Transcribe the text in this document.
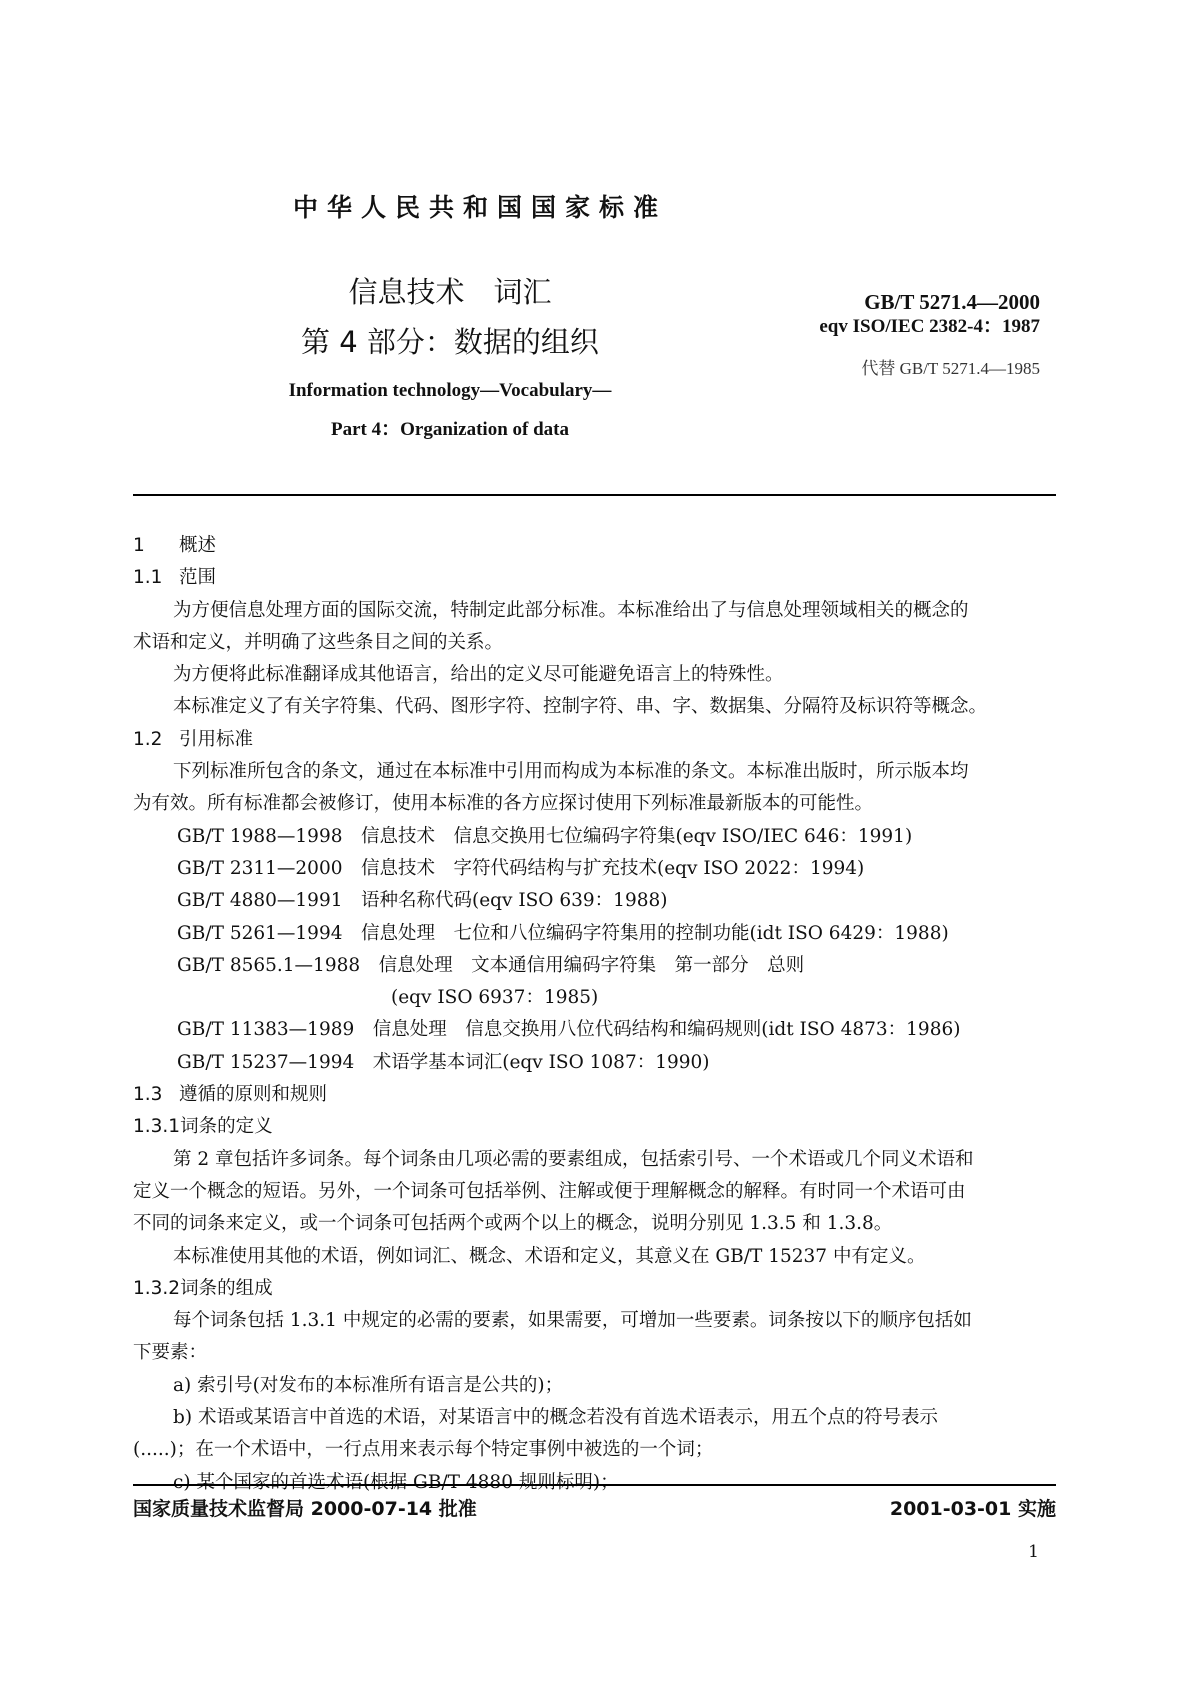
中华人民共和国国家标准
信息技术　词汇
第 4 部分：数据的组织
Information technology—Vocabulary—
Part 4：Organization of data
GB/T 5271.4—2000
eqv ISO/IEC 2382-4：1987
代替 GB/T 5271.4—1985

1 概述

1.1 范围

为方便信息处理方面的国际交流，特制定此部分标准。本标准给出了与信息处理领域相关的概念的

术语和定义，并明确了这些条目之间的关系。

为方便将此标准翻译成其他语言，给出的定义尽可能避免语言上的特殊性。

本标准定义了有关字符集、代码、图形字符、控制字符、串、字、数据集、分隔符及标识符等概念。

1.2 引用标准

下列标准所包含的条文，通过在本标准中引用而构成为本标准的条文。本标准出版时，所示版本均

为有效。所有标准都会被修订，使用本标准的各方应探讨使用下列标准最新版本的可能性。

GB/T 1988—1998　信息技术　信息交换用七位编码字符集(eqv ISO/IEC 646：1991)

GB/T 2311—2000　信息技术　字符代码结构与扩充技术(eqv ISO 2022：1994)

GB/T 4880—1991　语种名称代码(eqv ISO 639：1988)

GB/T 5261—1994　信息处理　七位和八位编码字符集用的控制功能(idt ISO 6429：1988)

GB/T 8565.1—1988　信息处理　文本通信用编码字符集　第一部分　总则

(eqv ISO 6937：1985)

GB/T 11383—1989　信息处理　信息交换用八位代码结构和编码规则(idt ISO 4873：1986)

GB/T 15237—1994　术语学基本词汇(eqv ISO 1087：1990)

1.3 遵循的原则和规则

1.3.1词条的定义

第 2 章包括许多词条。每个词条由几项必需的要素组成，包括索引号、一个术语或几个同义术语和

定义一个概念的短语。另外，一个词条可包括举例、注解或便于理解概念的解释。有时同一个术语可由

不同的词条来定义，或一个词条可包括两个或两个以上的概念，说明分别见 1.3.5 和 1.3.8。

本标准使用其他的术语，例如词汇、概念、术语和定义，其意义在 GB/T 15237 中有定义。

1.3.2词条的组成

每个词条包括 1.3.1 中规定的必需的要素，如果需要，可增加一些要素。词条按以下的顺序包括如

下要素：

a) 索引号(对发布的本标准所有语言是公共的)；

b) 术语或某语言中首选的术语，对某语言中的概念若没有首选术语表示，用五个点的符号表示

(.....)；在一个术语中，一行点用来表示每个特定事例中被选的一个词；

c) 某个国家的首选术语(根据 GB/T 4880 规则标明)；

国家质量技术监督局 2000-07-14 批准	2001-03-01 实施
1
